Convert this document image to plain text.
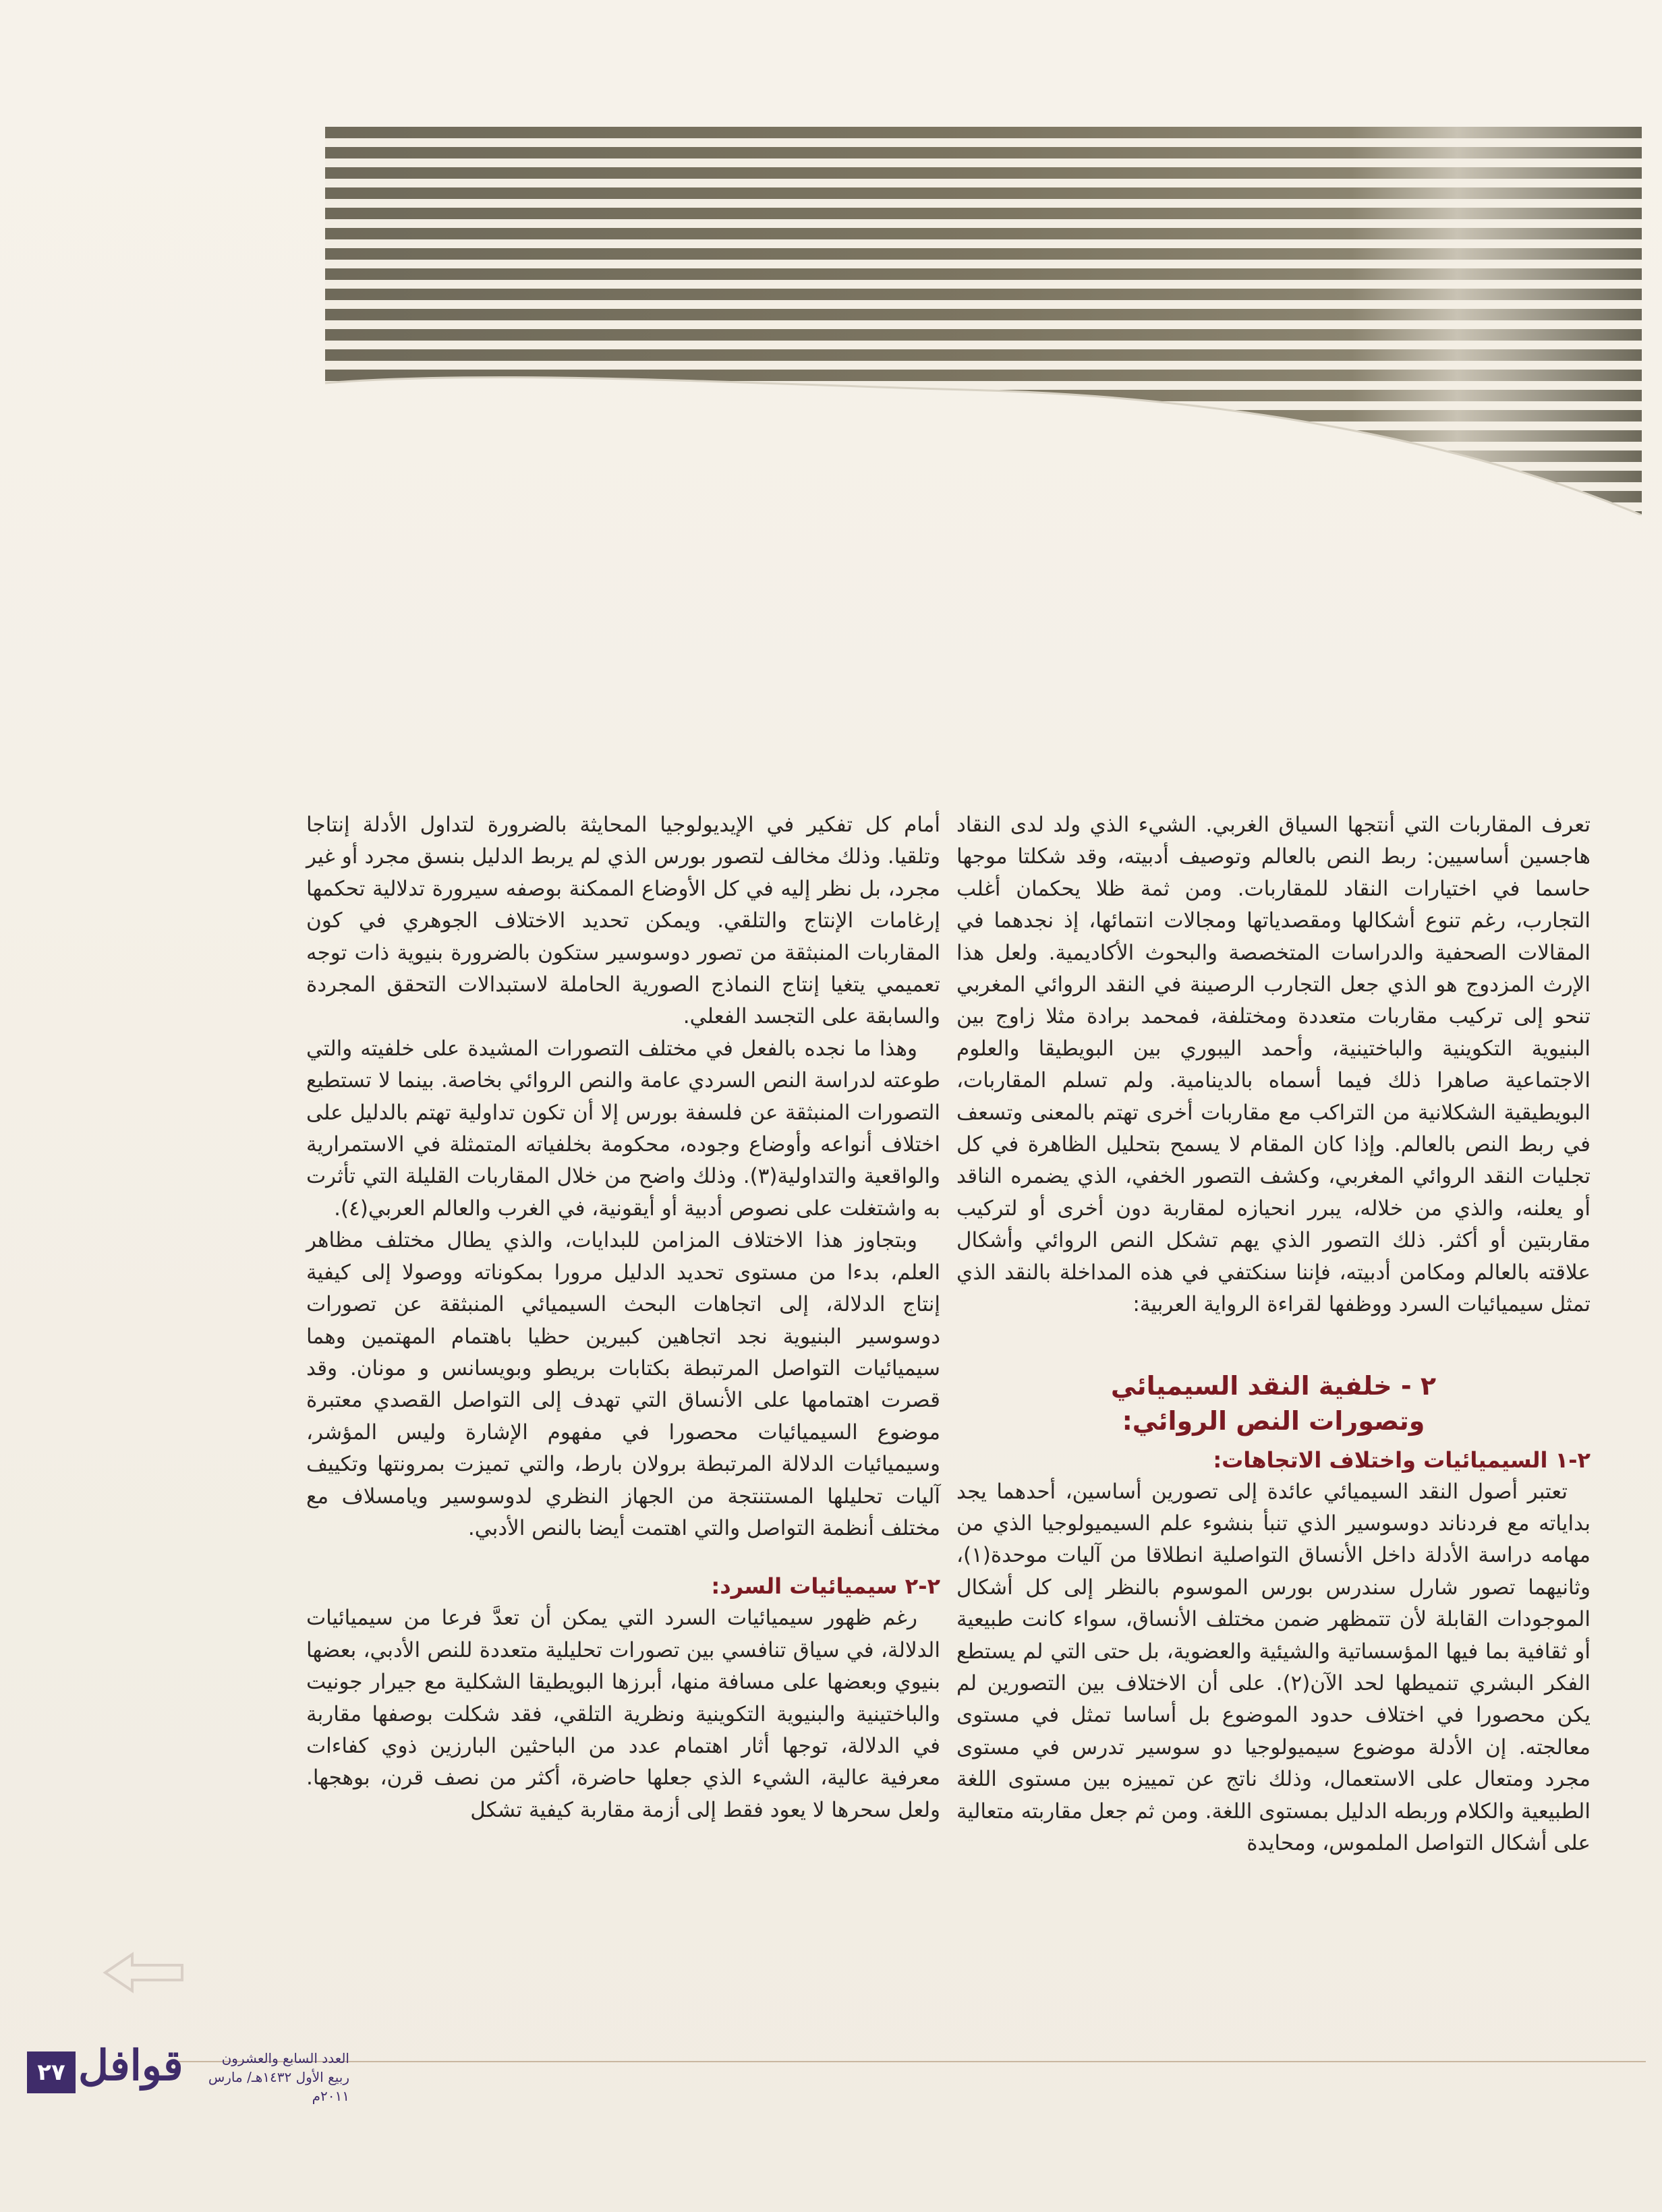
تعرف المقاربات التي أنتجها السياق الغربي. الشيء الذي ولد لدى النقاد هاجسين أساسيين: ربط النص بالعالم وتوصيف أدبيته، وقد شكلتا موجها حاسما في اختيارات النقاد للمقاربات. ومن ثمة ظلا يحكمان أغلب التجارب، رغم تنوع أشكالها ومقصدياتها ومجالات انتمائها، إذ نجدهما في المقالات الصحفية والدراسات المتخصصة والبحوث الأكاديمية. ولعل هذا الإرث المزدوج هو الذي جعل التجارب الرصينة في النقد الروائي المغربي تنحو إلى تركيب مقاربات متعددة ومختلفة، فمحمد برادة مثلا زاوج بين البنيوية التكوينية والباختينية، وأحمد اليبوري بين البويطيقا والعلوم الاجتماعية صاهرا ذلك فيما أسماه بالدينامية. ولم تسلم المقاربات، البويطيقية الشكلانية من التراكب مع مقاربات أخرى تهتم بالمعنى وتسعف في ربط النص بالعالم. وإذا كان المقام لا يسمح بتحليل الظاهرة في كل تجليات النقد الروائي المغربي، وكشف التصور الخفي، الذي يضمره الناقد أو يعلنه، والذي من خلاله، يبرر انحيازه لمقاربة دون أخرى أو لتركيب مقاربتين أو أكثر. ذلك التصور الذي يهم تشكل النص الروائي وأشكال علاقته بالعالم ومكامن أدبيته، فإننا سنكتفي في هذه المداخلة بالنقد الذي تمثل سيميائيات السرد ووظفها لقراءة الرواية العربية:

٢ - خلفية النقد السيميائي
وتصورات النص الروائي:

٢-١ السيميائيات واختلاف الاتجاهات:

تعتبر أصول النقد السيميائي عائدة إلى تصورين أساسين، أحدهما يجد بداياته مع فردناند دوسوسير الذي تنبأ بنشوء علم السيميولوجيا الذي من مهامه دراسة الأدلة داخل الأنساق التواصلية انطلاقا من آليات موحدة(١)، وثانيهما تصور شارل سندرس بورس الموسوم بالنظر إلى كل أشكال الموجودات القابلة لأن تتمظهر ضمن مختلف الأنساق، سواء كانت طبيعية أو ثقافية بما فيها المؤسساتية والشيئية والعضوية، بل حتى التي لم يستطع الفكر البشري تنميطها لحد الآن(٢). على أن الاختلاف بين التصورين لم يكن محصورا في اختلاف حدود الموضوع بل أساسا تمثل في مستوى معالجته. إن الأدلة موضوع سيميولوجيا دو سوسير تدرس في مستوى مجرد ومتعال على الاستعمال، وذلك ناتج عن تمييزه بين مستوى اللغة الطبيعية والكلام وربطه الدليل بمستوى اللغة. ومن ثم جعل مقاربته متعالية على أشكال التواصل الملموس، ومحايدة

أمام كل تفكير في الإيديولوجيا المحايثة بالضرورة لتداول الأدلة إنتاجا وتلقيا. وذلك مخالف لتصور بورس الذي لم يربط الدليل بنسق مجرد أو غير مجرد، بل نظر إليه في كل الأوضاع الممكنة بوصفه سيرورة تدلالية تحكمها إرغامات الإنتاج والتلقي. ويمكن تحديد الاختلاف الجوهري في كون المقاربات المنبثقة من تصور دوسوسير ستكون بالضرورة بنيوية ذات توجه تعميمي يتغيا إنتاج النماذج الصورية الحاملة لاستبدالات التحقق المجردة والسابقة على التجسد الفعلي.

وهذا ما نجده بالفعل في مختلف التصورات المشيدة على خلفيته والتي طوعته لدراسة النص السردي عامة والنص الروائي بخاصة. بينما لا تستطيع التصورات المنبثقة عن فلسفة بورس إلا أن تكون تداولية تهتم بالدليل على اختلاف أنواعه وأوضاع وجوده، محكومة بخلفياته المتمثلة في الاستمرارية والواقعية والتداولية(٣). وذلك واضح من خلال المقاربات القليلة التي تأثرت به واشتغلت على نصوص أدبية أو أيقونية، في الغرب والعالم العربي(٤).

وبتجاوز هذا الاختلاف المزامن للبدايات، والذي يطال مختلف مظاهر العلم، بدءا من مستوى تحديد الدليل مرورا بمكوناته ووصولا إلى كيفية إنتاج الدلالة، إلى اتجاهات البحث السيميائي المنبثقة عن تصورات دوسوسير البنيوية نجد اتجاهين كبيرين حظيا باهتمام المهتمين وهما سيميائيات التواصل المرتبطة بكتابات بريطو وبويسانس و مونان. وقد قصرت اهتمامها على الأنساق التي تهدف إلى التواصل القصدي معتبرة موضوع السيميائيات محصورا في مفهوم الإشارة وليس المؤشر، وسيميائيات الدلالة المرتبطة برولان بارط، والتي تميزت بمرونتها وتكييف آليات تحليلها المستنتجة من الجهاز النظري لدوسوسير ويامسلاف مع مختلف أنظمة التواصل والتي اهتمت أيضا بالنص الأدبي.

٢-٢ سيميائيات السرد:

رغم ظهور سيميائيات السرد التي يمكن أن تعدَّ فرعا من سيميائيات الدلالة، في سياق تنافسي بين تصورات تحليلية متعددة للنص الأدبي، بعضها بنيوي وبعضها على مسافة منها، أبرزها البويطيقا الشكلية مع جيرار جونيت والباختينية والبنيوية التكوينية ونظرية التلقي، فقد شكلت بوصفها مقاربة في الدلالة، توجها أثار اهتمام عدد من الباحثين البارزين ذوي كفاءات معرفية عالية، الشيء الذي جعلها حاضرة، أكثر من نصف قرن، بوهجها. ولعل سحرها لا يعود فقط إلى أزمة مقاربة كيفية تشكل

٢٧ قوافل	العدد السابع والعشرون
ربيع الأول ١٤٣٢هـ/ مارس ٢٠١١م
